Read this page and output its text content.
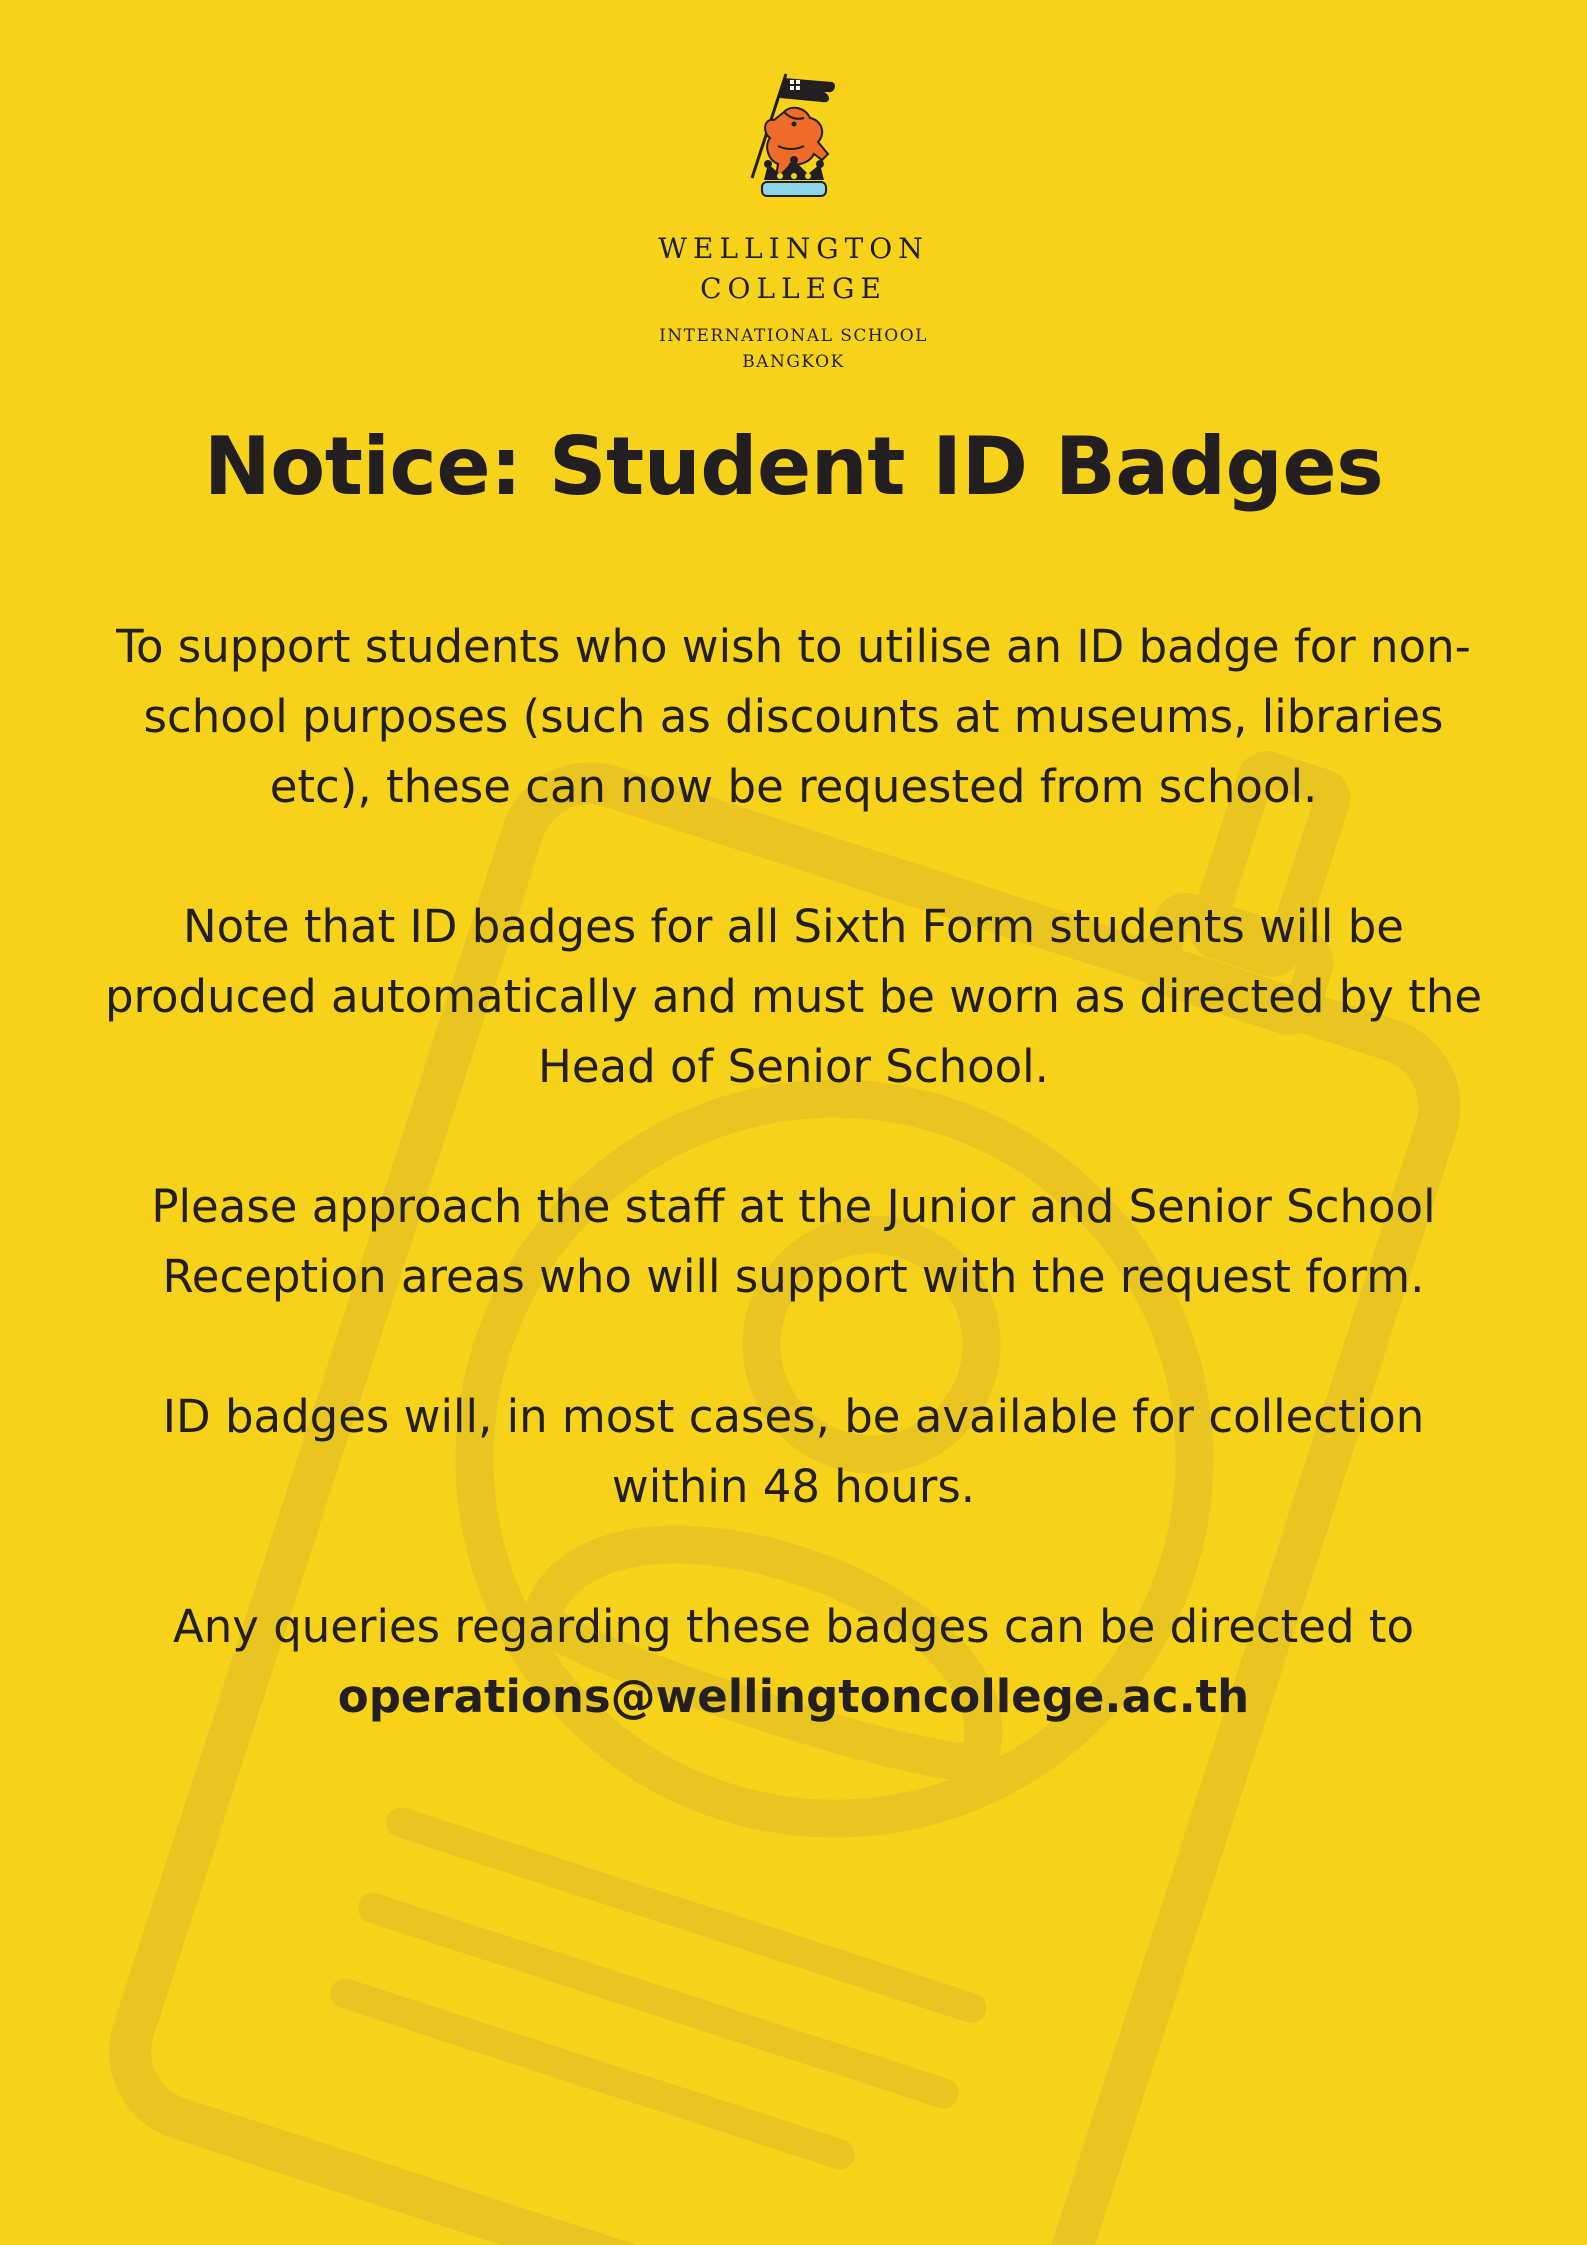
WELLINGTON
COLLEGE
INTERNATIONAL SCHOOL
BANGKOK
Notice: Student ID Badges

To support students who wish to utilise an ID badge for non-school purposes (such as discounts at museums, libraries etc), these can now be requested from school.

Note that ID badges for all Sixth Form students will be produced automatically and must be worn as directed by the Head of Senior School.

Please approach the staff at the Junior and Senior School Reception areas who will support with the request form.

ID badges will, in most cases, be available for collection within 48 hours.

Any queries regarding these badges can be directed to operations@wellingtoncollege.ac.th
